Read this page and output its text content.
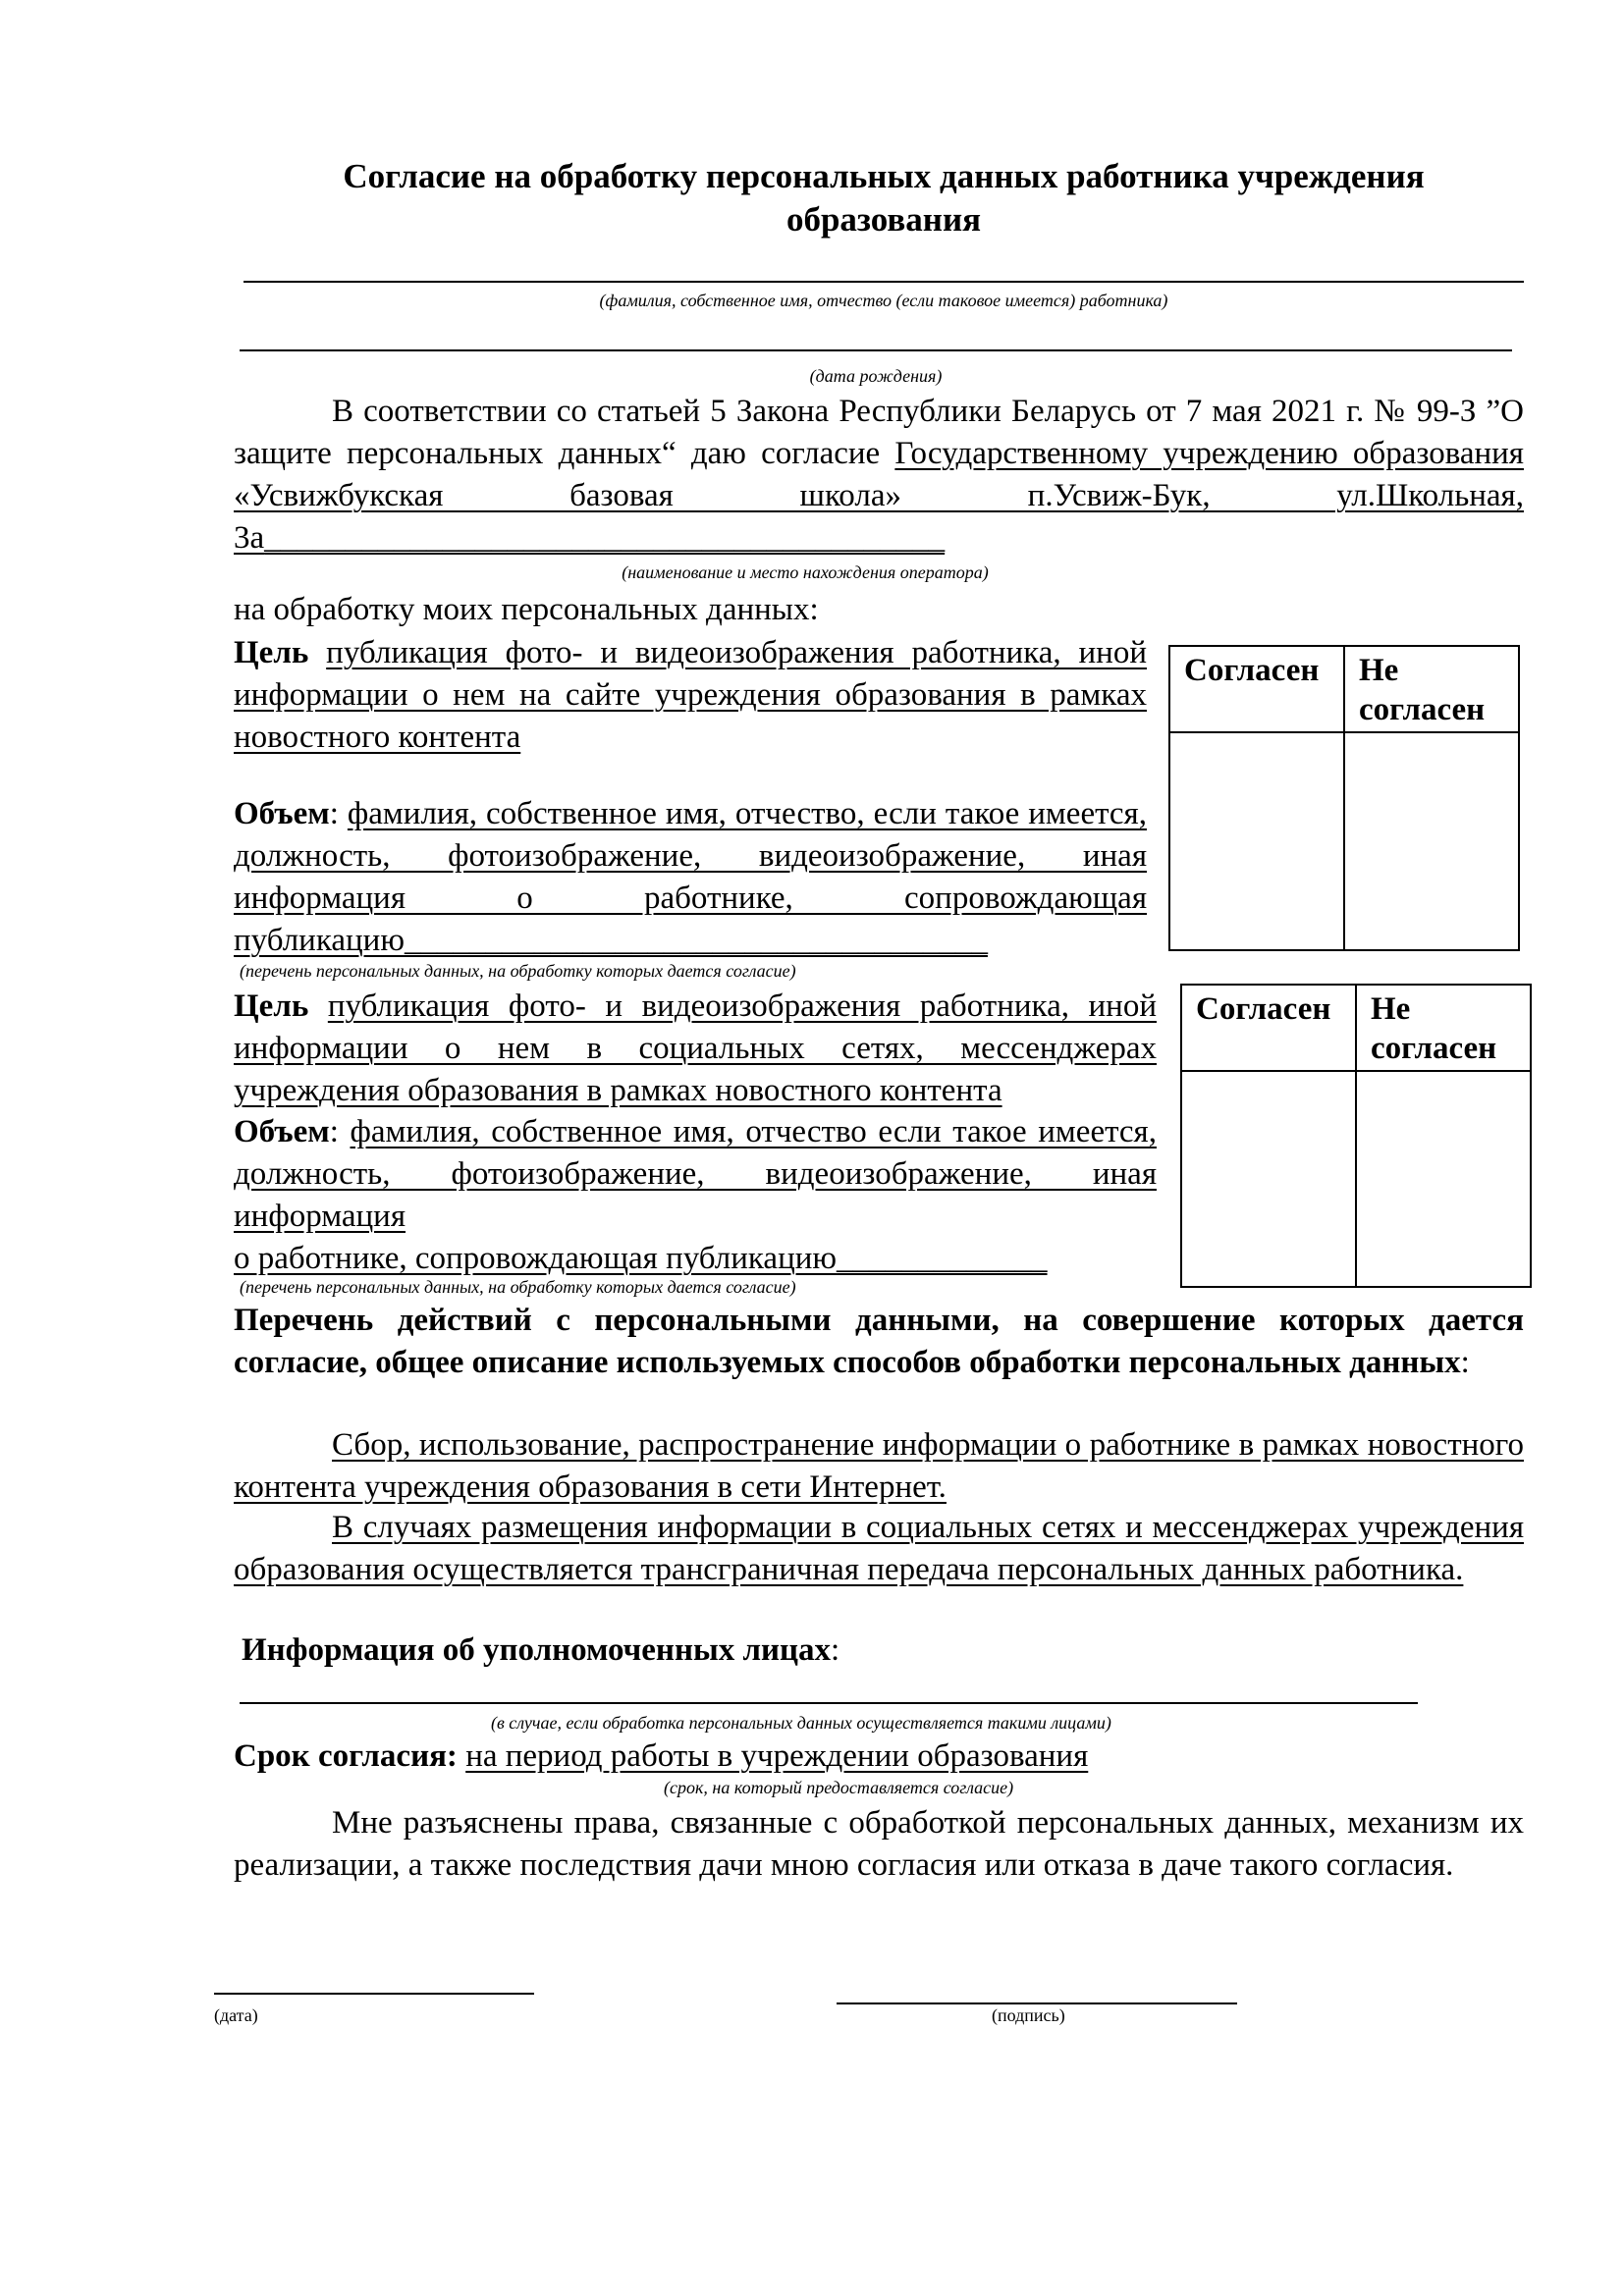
Согласие на обработку персональных данных работника учреждения образования
(фамилия, собственное имя, отчество (если таковое имеется) работника)
(дата рождения)
В соответствии со статьей 5 Закона Республики Беларусь от 7 мая 2021 г. № 99-З ”О защите персональных данных“ даю согласие Государственному учреждению образования «Усвижбукская базовая школа» п.Усвиж-Бук, ул.Школьная, 3а__________________________________________
(наименование и место нахождения оператора)
на обработку моих персональных данных:
Цель публикация фото- и видеоизображения работника, иной информации о нем на сайте учреждения образования в рамках новостного контента
Объем: фамилия, собственное имя, отчество, если такое имеется, должность, фотоизображение, видеоизображение, иная информация о работнике, сопровождающая публикацию____________________________________
(перечень персональных данных, на обработку которых дается согласие)
Согласен	Не согласен

Цель публикация фото- и видеоизображения работника, иной информации о нем в социальных сетях, мессенджерах учреждения образования в рамках новостного контента
Объем: фамилия, собственное имя, отчество если такое имеется, должность, фотоизображение, видеоизображение, иная информация
о работнике, сопровождающая публикацию_____________
(перечень персональных данных, на обработку которых дается согласие)
Согласен	Не согласен

Перечень действий с персональными данными, на совершение которых дается согласие, общее описание используемых способов обработки персональных данных:
Сбор, использование, распространение информации о работнике в рамках новостного контента учреждения образования в сети Интернет.
В случаях размещения информации в социальных сетях и мессенджерах учреждения образования осуществляется трансграничная передача персональных данных работника.
Информация об уполномоченных лицах:
(в случае, если обработка персональных данных осуществляется такими лицами)
Срок согласия: на период работы в учреждении образования
(срок, на который предоставляется согласие)
Мне разъяснены права, связанные с обработкой персональных данных, механизм их реализации, а также последствия дачи мною согласия или отказа в даче такого согласия.
(дата)	(подпись)
